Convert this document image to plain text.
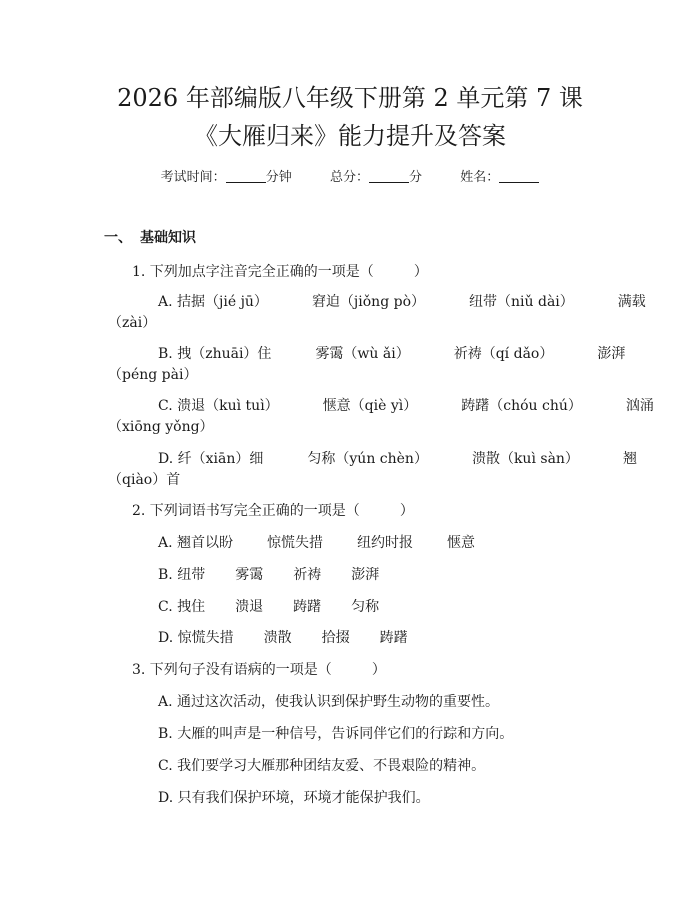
2026 年部编版八年级下册第 2 单元第 7 课
《大雁归来》能力提升及答案
考试时间：	分钟	总分：	分	姓名：
一、 基础知识
1. 下列加点字注音完全正确的一项是（	）
A. 拮据（jié jū）	窘迫（jiǒng pò）	纽带（niǔ dài）	满载
（zài）
B. 拽（zhuāi）住	雾霭（wù ǎi）	祈祷（qí dǎo）	澎湃
（péng pài）
C. 溃退（kuì tuì）	惬意（qiè yì）	踌躇（chóu chú）	汹涌
（xiōng yǒng）
D. 纤（xiān）细	匀称（yún chèn）	溃散（kuì sàn）	翘
（qiào）首
2. 下列词语书写完全正确的一项是（	）
A. 翘首以盼 惊慌失措 纽约时报 惬意
B. 纽带 雾霭 祈祷 澎湃
C. 拽住 溃退 踌躇 匀称
D. 惊慌失措 溃散 拾掇 踌躇
3. 下列句子没有语病的一项是（	）
A. 通过这次活动，使我认识到保护野生动物的重要性。
B. 大雁的叫声是一种信号，告诉同伴它们的行踪和方向。
C. 我们要学习大雁那种团结友爱、不畏艰险的精神。
D. 只有我们保护环境，环境才能保护我们。
